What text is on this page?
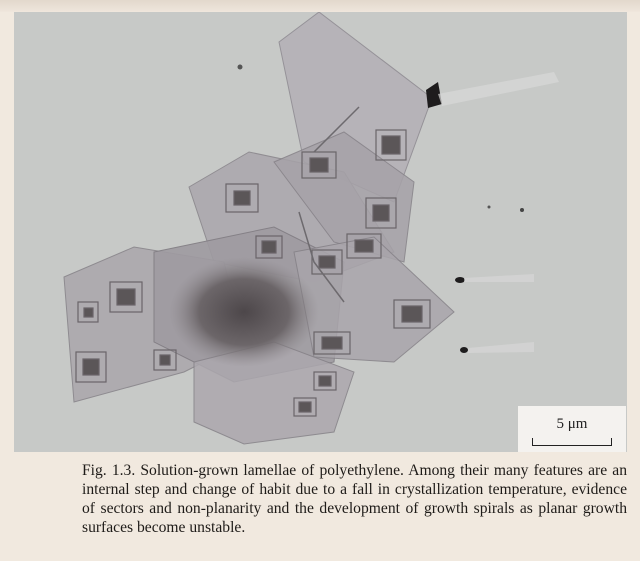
5 μm
Fig. 1.3. Solution-grown lamellae of polyethylene. Among their many features are an internal step and change of habit due to a fall in crystallization temperature, evidence of sectors and non-planarity and the development of growth spirals as planar growth surfaces become unstable.
